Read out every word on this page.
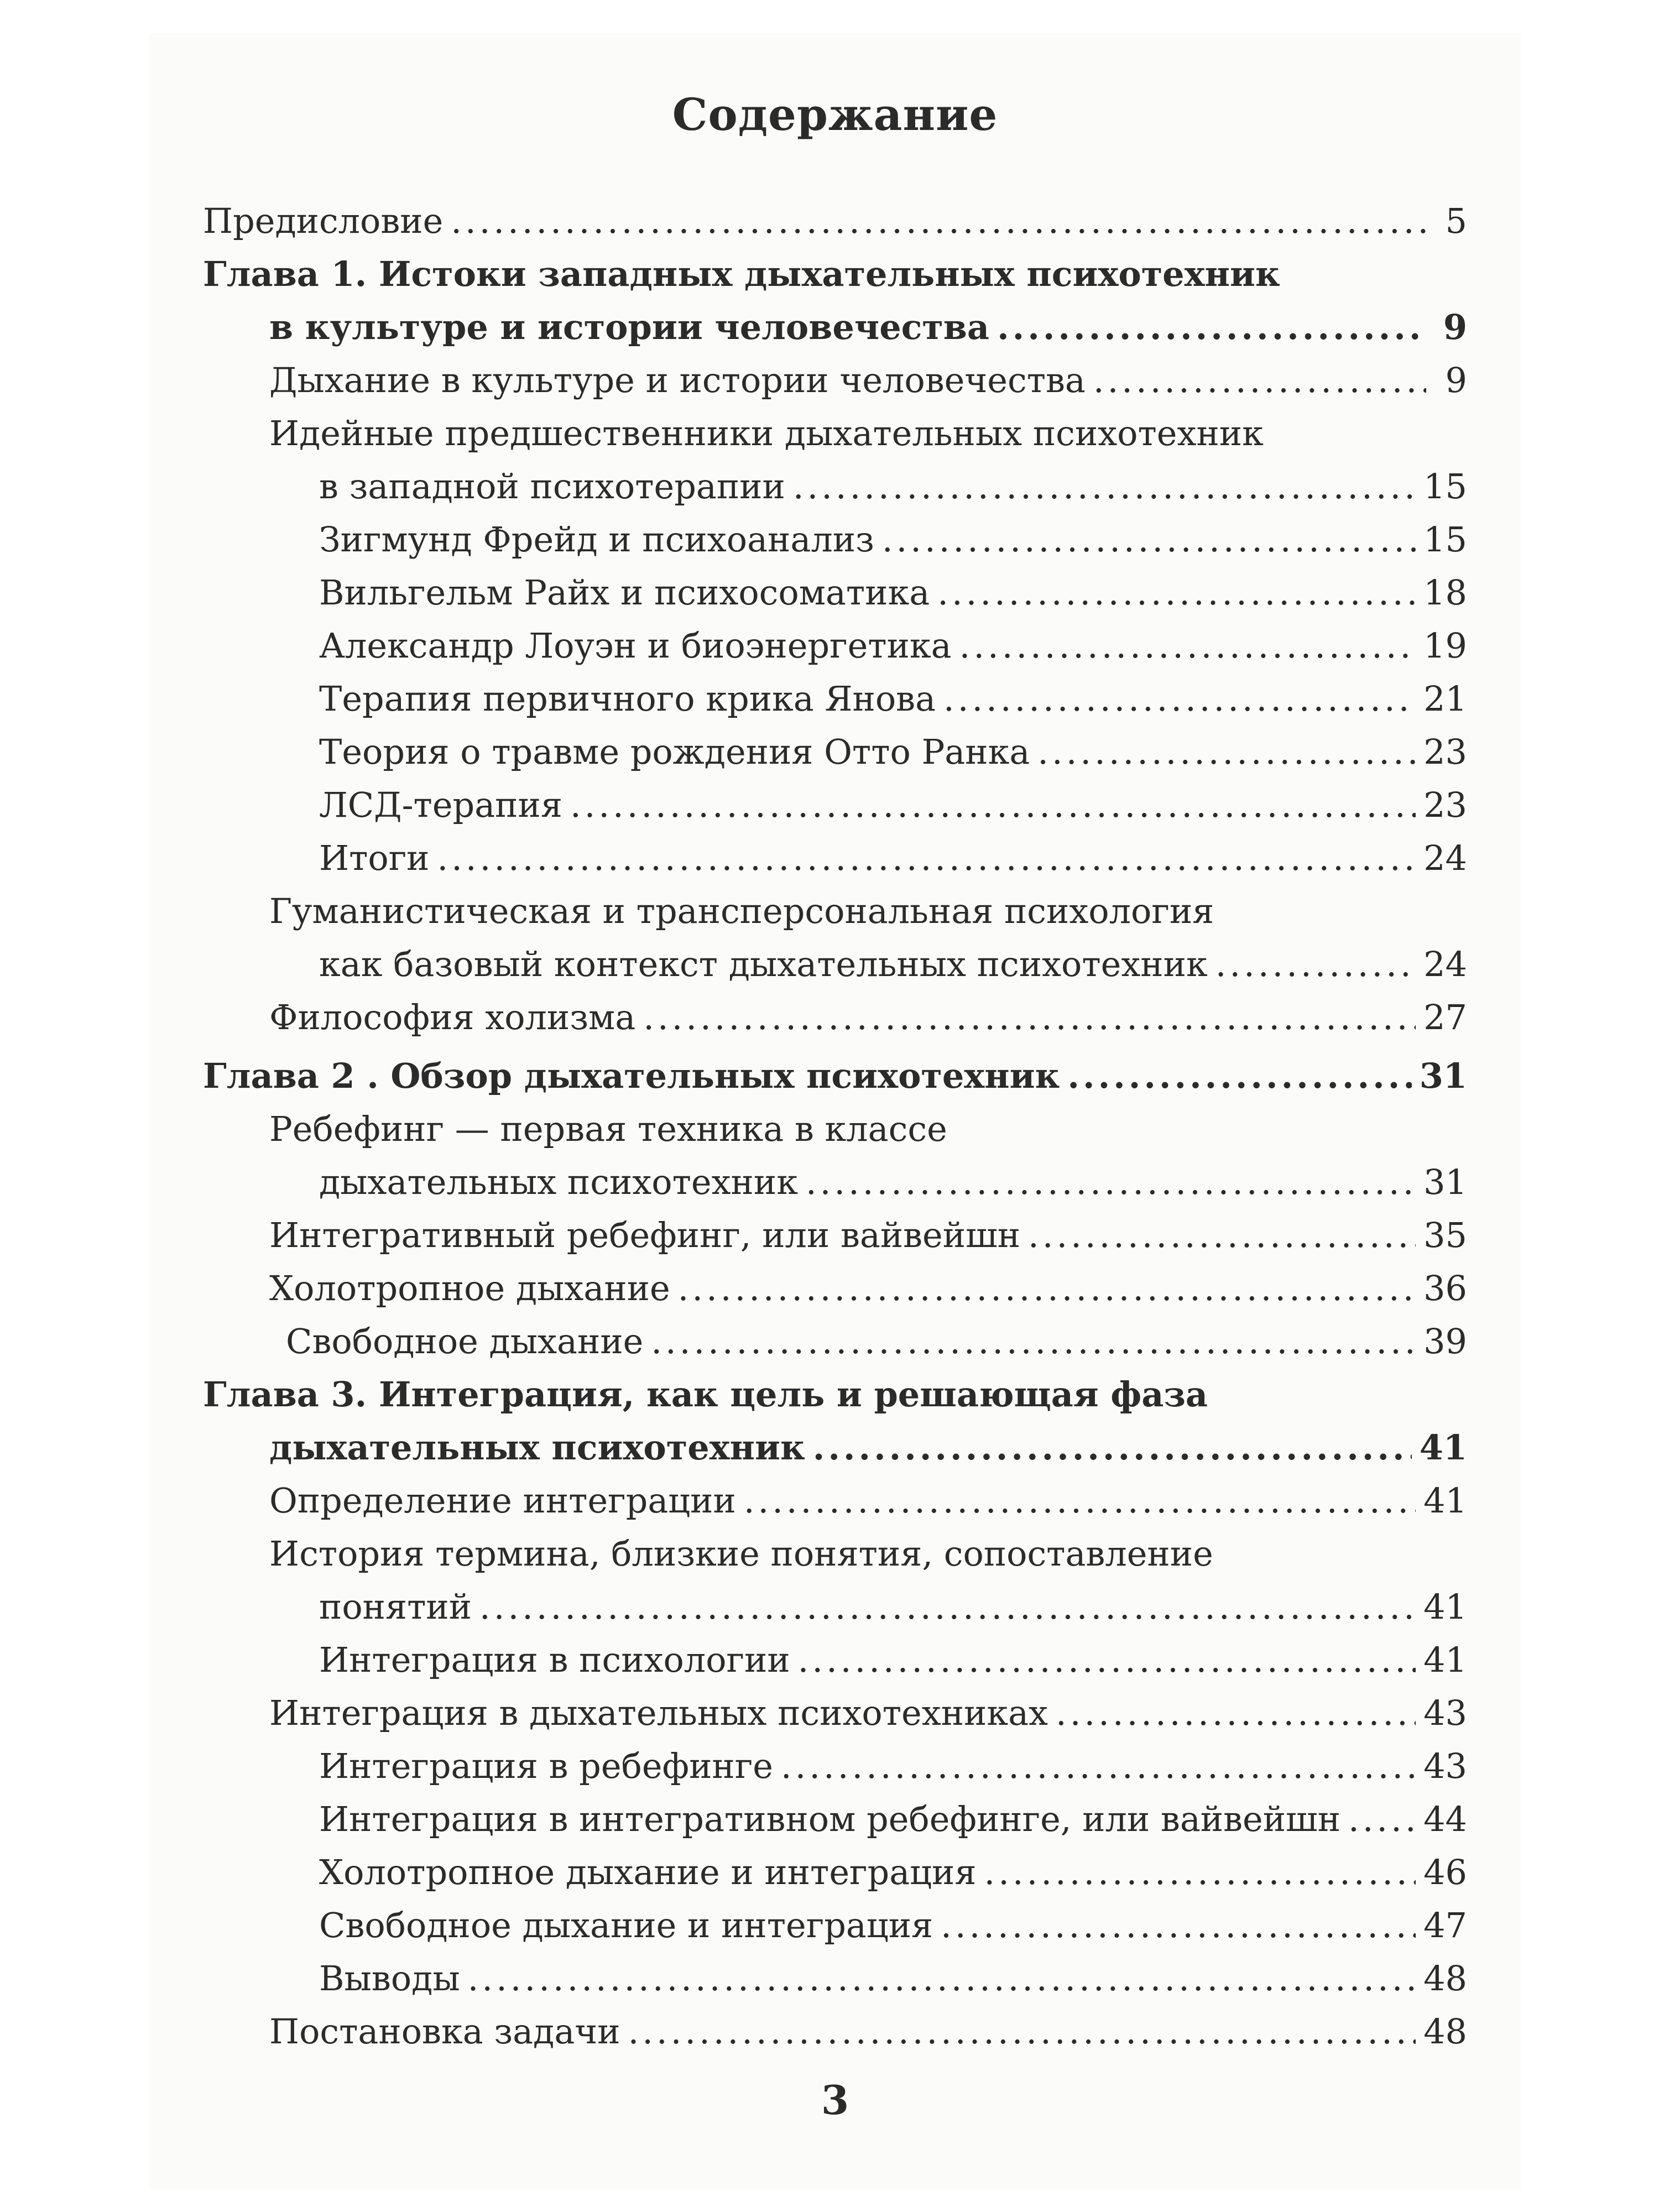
Содержание
Предисловие .....	5
Глава 1. Истоки западных дыхательных психотехник
в культуре и истории человечества .....	9
Дыхание в культуре и истории человечества .....	9
Идейные предшественники дыхательных психотехник
в западной психотерапии .....	15
Зигмунд Фрейд и психоанализ .....	15
Вильгельм Райх и психосоматика .....	18
Александр Лоуэн и биоэнергетика .....	19
Терапия первичного крика Янова .....	21
Теория о травме рождения Отто Ранка .....	23
ЛСД-терапия .....	23
Итоги .....	24
Гуманистическая и трансперсональная психология
как базовый контекст дыхательных психотехник .....	24
Философия холизма .....	27
Глава 2 . Обзор дыхательных психотехник .....	31
Ребефинг — первая техника в классе
дыхательных психотехник .....	31
Интегративный ребефинг, или вайвейшн .....	35
Холотропное дыхание .....	36
Свободное дыхание .....	39
Глава 3. Интеграция, как цель и решающая фаза
дыхательных психотехник .....	41
Определение интеграции .....	41
История термина, близкие понятия, сопоставление
понятий .....	41
Интеграция в психологии .....	41
Интеграция в дыхательных психотехниках .....	43
Интеграция в ребефинге .....	43
Интеграция в интегративном ребефинге, или вайвейшн ..... 44
Холотропное дыхание и интеграция .....	46
Свободное дыхание и интеграция .....	47
Выводы .....	48
Постановка задачи .....	48
3
